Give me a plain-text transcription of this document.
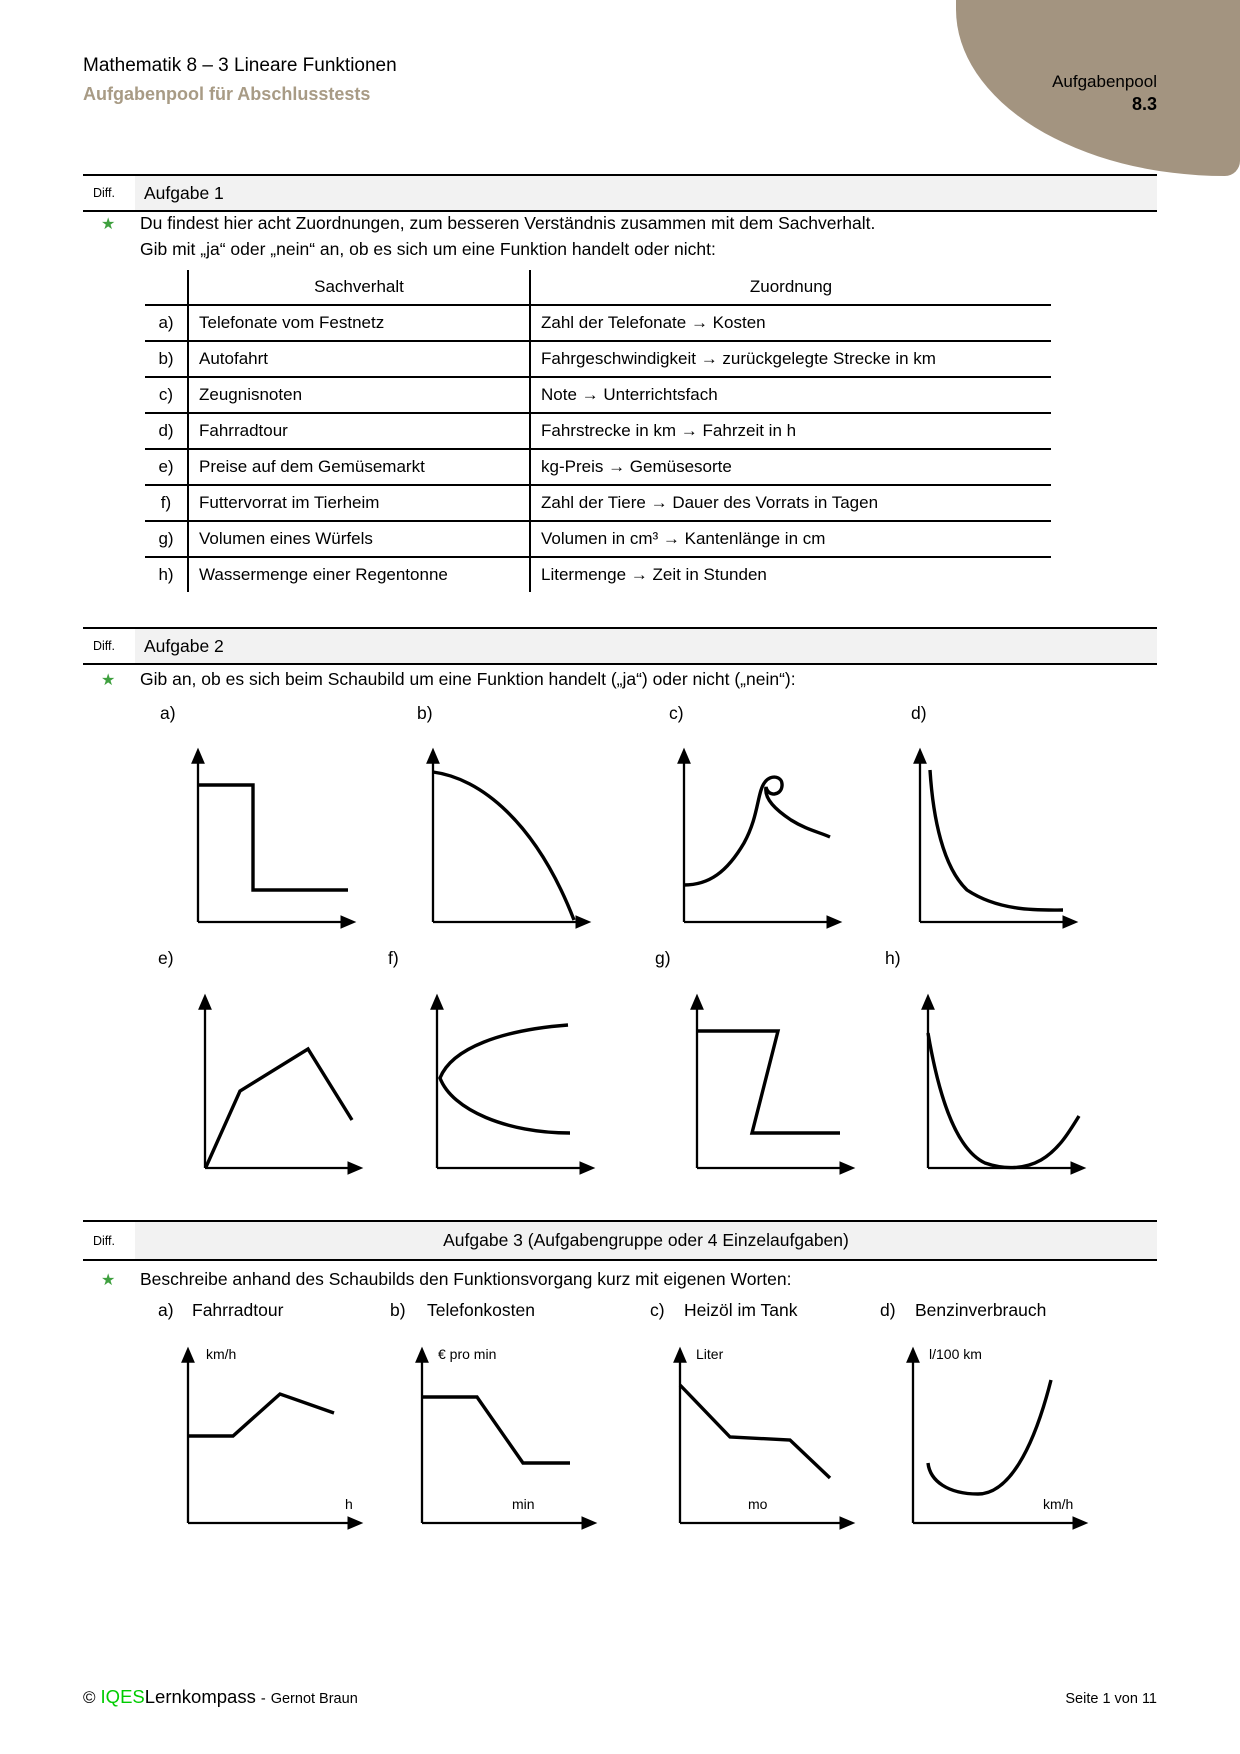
Mathematik 8 – 3 Lineare Funktionen
Aufgabenpool für Abschlusstests
Aufgabenpool
8.3
Diff.	Aufgabe 1
★ Du findest hier acht Zuordnungen, zum besseren Verständnis zusammen mit dem Sachverhalt.
Gib mit „ja“ oder „nein“ an, ob es sich um eine Funktion handelt oder nicht:
	Sachverhalt	Zuordnung
a)	Telefonate vom Festnetz	Zahl der Telefonate → Kosten
b)	Autofahrt	Fahrgeschwindigkeit → zurückgelegte Strecke in km
c)	Zeugnisnoten	Note → Unterrichtsfach
d)	Fahrradtour	Fahrstrecke in km → Fahrzeit in h
e)	Preise auf dem Gemüsemarkt	kg-Preis → Gemüsesorte
f)	Futtervorrat im Tierheim	Zahl der Tiere → Dauer des Vorrats in Tagen
g)	Volumen eines Würfels	Volumen in cm³ → Kantenlänge in cm
h)	Wassermenge einer Regentonne	Litermenge → Zeit in Stunden
Diff.	Aufgabe 2
★ Gib an, ob es sich beim Schaubild um eine Funktion handelt („ja“) oder nicht („nein“):
a)	b)	c)	d)
e)	f)	g)	h)
Diff.	Aufgabe 3 (Aufgabengruppe oder 4 Einzelaufgaben)
★ Beschreibe anhand des Schaubilds den Funktionsvorgang kurz mit eigenen Worten:
a) Fahrradtour	b) Telefonkosten	c) Heizöl im Tank	d) Benzinverbrauch
km/h	€ pro min	Liter	l/100 km
h	min	mo	km/h
© IQESLernkompass - Gernot Braun	Seite 1 von 11
